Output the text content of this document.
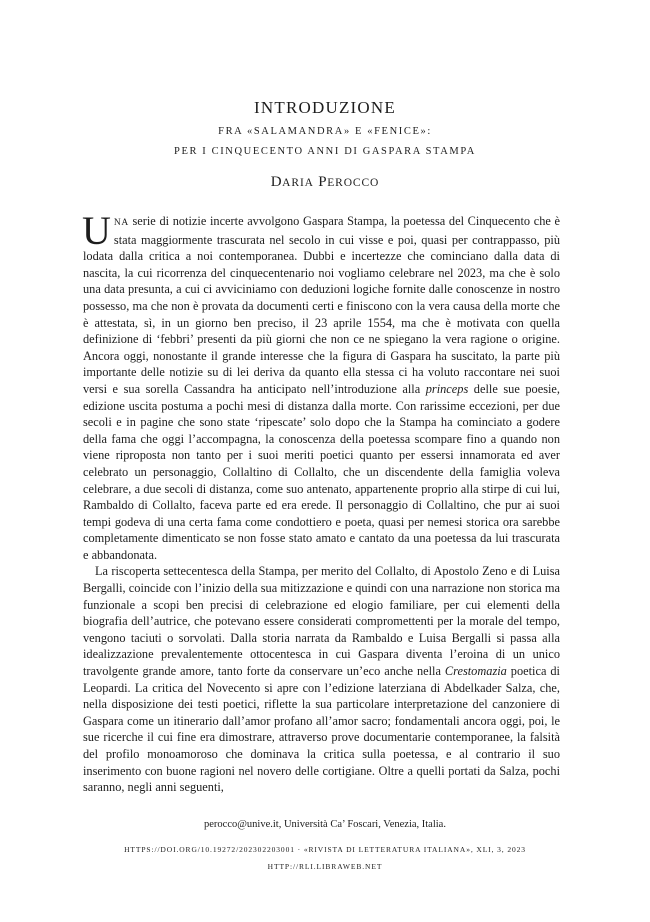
INTRODUZIONE
FRA «SALAMANDRA» E «FENICE»:
PER I CINQUECENTO ANNI DI GASPARA STAMPA
DARIA PEROCCO

UNA serie di notizie incerte avvolgono Gaspara Stampa, la poetessa del Cinquecento che è stata maggiormente trascurata nel secolo in cui visse e poi, quasi per contrappasso, più lodata dalla critica a noi contemporanea. Dubbi e incertezze che cominciano dalla data di nascita, la cui ricorrenza del cinquecentenario noi vogliamo celebrare nel 2023, ma che è solo una data presunta, a cui ci avviciniamo con deduzioni logiche fornite dalle conoscenze in nostro possesso, ma che non è provata da documenti certi e finiscono con la vera causa della morte che è attestata, sì, in un giorno ben preciso, il 23 aprile 1554, ma che è motivata con quella definizione di ‘febbri’ presenti da più giorni che non ce ne spiegano la vera ragione o origine. Ancora oggi, nonostante il grande interesse che la figura di Gaspara ha suscitato, la parte più importante delle notizie su di lei deriva da quanto ella stessa ci ha voluto raccontare nei suoi versi e sua sorella Cassandra ha anticipato nell’introduzione alla princeps delle sue poesie, edizione uscita postuma a pochi mesi di distanza dalla morte. Con rarissime eccezioni, per due secoli e in pagine che sono state ‘ripescate’ solo dopo che la Stampa ha cominciato a godere della fama che oggi l’accompagna, la conoscenza della poetessa scompare fino a quando non viene riproposta non tanto per i suoi meriti poetici quanto per essersi innamorata ed aver celebrato un personaggio, Collaltino di Collalto, che un discendente della famiglia voleva celebrare, a due secoli di distanza, come suo antenato, appartenente proprio alla stirpe di cui lui, Rambaldo di Collalto, faceva parte ed era erede. Il personaggio di Collaltino, che pur ai suoi tempi godeva di una certa fama come condottiero e poeta, quasi per nemesi storica ora sarebbe completamente dimenticato se non fosse stato amato e cantato da una poetessa da lui trascurata e abbandonata.

La riscoperta settecentesca della Stampa, per merito del Collalto, di Apostolo Zeno e di Luisa Bergalli, coincide con l’inizio della sua mitizzazione e quindi con una narrazione non storica ma funzionale a scopi ben precisi di celebrazione ed elogio familiare, per cui elementi della biografia dell’autrice, che potevano essere considerati compromettenti per la morale del tempo, vengono taciuti o sorvolati. Dalla storia narrata da Rambaldo e Luisa Bergalli si passa alla idealizzazione prevalentemente ottocentesca in cui Gaspara diventa l’eroina di un unico travolgente grande amore, tanto forte da conservare un’eco anche nella Crestomazia poetica di Leopardi. La critica del Novecento si apre con l’edizione laterziana di Abdelkader Salza, che, nella disposizione dei testi poetici, riflette la sua particolare interpretazione del canzoniere di Gaspara come un itinerario dall’amor profano all’amor sacro; fondamentali ancora oggi, poi, le sue ricerche il cui fine era dimostrare, attraverso prove documentarie contemporanee, la falsità del profilo monoamoroso che dominava la critica sulla poetessa, e al contrario il suo inserimento con buone ragioni nel novero delle cortigiane. Oltre a quelli portati da Salza, pochi saranno, negli anni seguenti,

perocco@unive.it, Università Ca’ Foscari, Venezia, Italia.
HTTPS://DOI.ORG/10.19272/202302203001 · «RIVISTA DI LETTERATURA ITALIANA», XLI, 3, 2023
HTTP://RLI.LIBRAWEB.NET
